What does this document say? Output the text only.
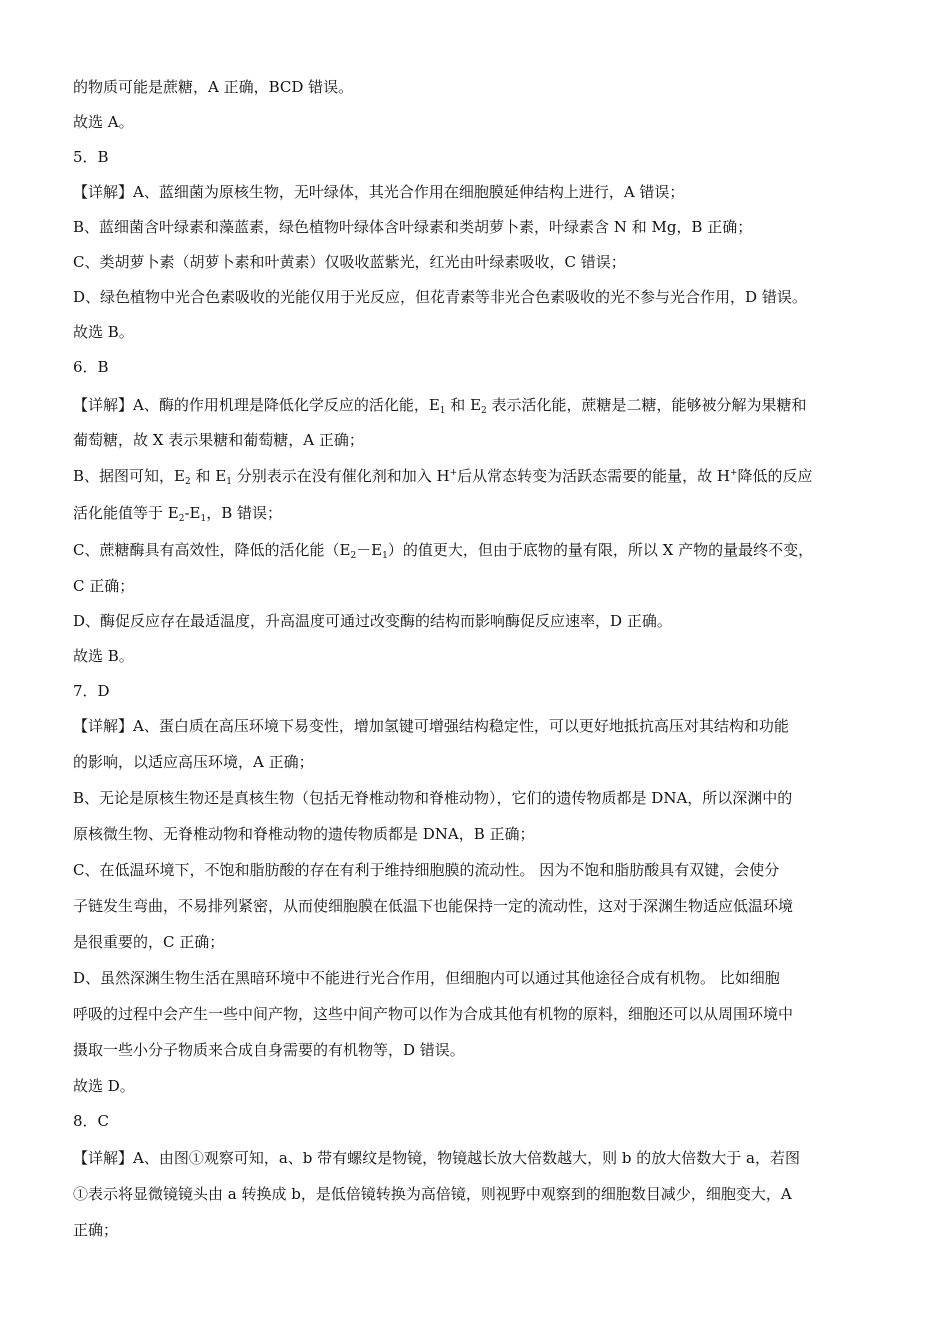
的物质可能是蔗糖，A 正确，BCD 错误。
故选 A。
5．B
【详解】A、蓝细菌为原核生物，无叶绿体，其光合作用在细胞膜延伸结构上进行，A 错误；
B、蓝细菌含叶绿素和藻蓝素，绿色植物叶绿体含叶绿素和类胡萝卜素，叶绿素含 N 和 Mg，B 正确；
C、类胡萝卜素（胡萝卜素和叶黄素）仅吸收蓝紫光，红光由叶绿素吸收，C 错误；
D、绿色植物中光合色素吸收的光能仅用于光反应，但花青素等非光合色素吸收的光不参与光合作用，D 错误。
故选 B。
6．B
【详解】A、酶的作用机理是降低化学反应的活化能，$E_1$ 和 $E_2$ 表示活化能，蔗糖是二糖，能够被分解为果糖和
葡萄糖，故 X 表示果糖和葡萄糖，A 正确；
B、据图可知，$E_2$ 和 $E_1$ 分别表示在没有催化剂和加入 H+后从常态转变为活跃态需要的能量，故 H+降低的反应
活化能值等于 $E_2-E_1$，B 错误；
C、蔗糖酶具有高效性，降低的活化能$(E_2-E_1)$的值更大，但由于底物的量有限，所以 X 产物的量最终不变，
C 正确；
D、酶促反应存在最适温度，升高温度可通过改变酶的结构而影响酶促反应速率，D 正确。
故选 B。
7．D
【详解】A、蛋白质在高压环境下易变性，增加氢键可增强结构稳定性，可以更好地抵抗高压对其结构和功能
的影响，以适应高压环境，A 正确；
B、无论是原核生物还是真核生物（包括无脊椎动物和脊椎动物），它们的遗传物质都是 DNA，所以深渊中的
原核微生物、无脊椎动物和脊椎动物的遗传物质都是 DNA，B 正确；
C、在低温环境下，不饱和脂肪酸的存在有利于维持细胞膜的流动性。 因为不饱和脂肪酸具有双键，会使分
子链发生弯曲，不易排列紧密，从而使细胞膜在低温下也能保持一定的流动性，这对于深渊生物适应低温环境
是很重要的，C 正确；
D、虽然深渊生物生活在黑暗环境中不能进行光合作用，但细胞内可以通过其他途径合成有机物。 比如细胞
呼吸的过程中会产生一些中间产物，这些中间产物可以作为合成其他有机物的原料，细胞还可以从周围环境中
摄取一些小分子物质来合成自身需要的有机物等，D 错误。
故选 D。
8．C
【详解】A、由图①观察可知，a、b 带有螺纹是物镜，物镜越长放大倍数越大，则 b 的放大倍数大于 a，若图
①表示将显微镜镜头由 a 转换成 b，是低倍镜转换为高倍镜，则视野中观察到的细胞数目减少，细胞变大，A
正确；
